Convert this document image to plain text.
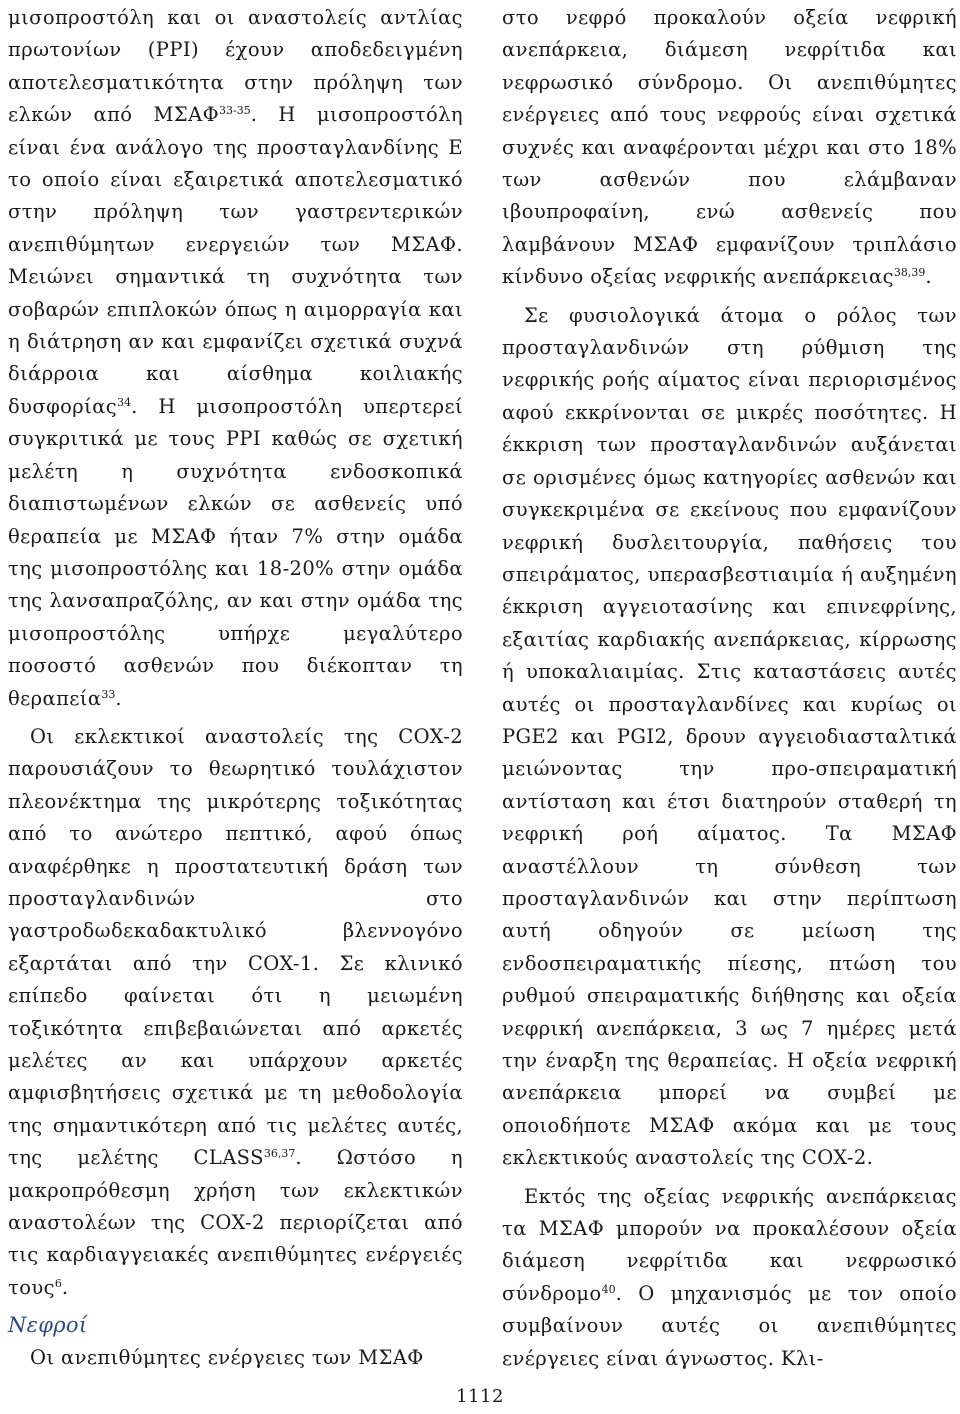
μισοπροστόλη και οι αναστολείς αντλίας πρωτονίων (PPI) έχουν αποδεδειγμένη αποτελεσματικότητα στην πρόληψη των ελκών από ΜΣΑΦ$^{33-35}$. Η μισοπροστόλη είναι ένα ανάλογο της προσταγλανδίνης E το οποίο είναι εξαιρετικά αποτελεσματικό στην πρόληψη των γαστρεντερικών ανεπιθύμητων ενεργειών των ΜΣΑΦ. Μειώνει σημαντικά τη συχνότητα των σοβαρών επιπλοκών όπως η αιμορραγία και η διάτρηση αν και εμφανίζει σχετικά συχνά διάρροια και αίσθημα κοιλιακής δυσφορίας$^{34}$. Η μισοπροστόλη υπερτερεί συγκριτικά με τους PPI καθώς σε σχετική μελέτη η συχνότητα ενδοσκοπικά διαπιστωμένων ελκών σε ασθενείς υπό θεραπεία με ΜΣΑΦ ήταν 7% στην ομάδα της μισοπροστόλης και 18-20% στην ομάδα της λανσαπραζόλης, αν και στην ομάδα της μισοπροστόλης υπήρχε μεγαλύτερο ποσοστό ασθενών που διέκοπταν τη θεραπεία$^{33}$.

Οι εκλεκτικοί αναστολείς της COX-2 παρουσιάζουν το θεωρητικό τουλάχιστον πλεονέκτημα της μικρότερης τοξικότητας από το ανώτερο πεπτικό, αφού όπως αναφέρθηκε η προστατευτική δράση των προσταγλανδινών στο γαστροδωδεκαδακτυλικό βλεννογόνο εξαρτάται από την COX-1. Σε κλινικό επίπεδο φαίνεται ότι η μειωμένη τοξικότητα επιβεβαιώνεται από αρκετές μελέτες αν και υπάρχουν αρκετές αμφισβητήσεις σχετικά με τη μεθοδολογία της σημαντικότερη από τις μελέτες αυτές, της μελέτης CLASS$^{36,37}$. Ωστόσο η μακροπρόθεσμη χρήση των εκλεκτικών αναστολέων της COX-2 περιορίζεται από τις καρδιαγγειακές ανεπιθύμητες ενέργειές τους$^6$.

Νεφροί

Οι ανεπιθύμητες ενέργειες των ΜΣΑΦ

στο νεφρό προκαλούν οξεία νεφρική ανεπάρκεια, διάμεση νεφρίτιδα και νεφρωσικό σύνδρομο. Οι ανεπιθύμητες ενέργειες από τους νεφρούς είναι σχετικά συχνές και αναφέρονται μέχρι και στο 18% των ασθενών που ελάμβαναν ιβουπροφαίνη, ενώ ασθενείς που λαμβάνουν ΜΣΑΦ εμφανίζουν τριπλάσιο κίνδυνο οξείας νεφρικής ανεπάρκειας$^{38,39}$.

Σε φυσιολογικά άτομα ο ρόλος των προσταγλανδινών στη ρύθμιση της νεφρικής ροής αίματος είναι περιορισμένος αφού εκκρίνονται σε μικρές ποσότητες. Η έκκριση των προσταγλανδινών αυξάνεται σε ορισμένες όμως κατηγορίες ασθενών και συγκεκριμένα σε εκείνους που εμφανίζουν νεφρική δυσλειτουργία, παθήσεις του σπειράματος, υπερασβεστιαιμία ή αυξημένη έκκριση αγγειοτασίνης και επινεφρίνης, εξαιτίας καρδιακής ανεπάρκειας, κίρρωσης ή υποκαλιαιμίας. Στις καταστάσεις αυτές αυτές οι προσταγλανδίνες και κυρίως οι PGE2 και PGI2, δρουν αγγειοδιασταλτικά μειώνοντας την προ-σπειραματική αντίσταση και έτσι διατηρούν σταθερή τη νεφρική ροή αίματος. Τα ΜΣΑΦ αναστέλλουν τη σύνθεση των προσταγλανδινών και στην περίπτωση αυτή οδηγούν σε μείωση της ενδοσπειραματικής πίεσης, πτώση του ρυθμού σπειραματικής διήθησης και οξεία νεφρική ανεπάρκεια, 3 ως 7 ημέρες μετά την έναρξη της θεραπείας. Η οξεία νεφρική ανεπάρκεια μπορεί να συμβεί με οποιοδήποτε ΜΣΑΦ ακόμα και με τους εκλεκτικούς αναστολείς της COX-2.

Εκτός της οξείας νεφρικής ανεπάρκειας τα ΜΣΑΦ μπορούν να προκαλέσουν οξεία διάμεση νεφρίτιδα και νεφρωσικό σύνδρομο$^{40}$. Ο μηχανισμός με τον οποίο συμβαίνουν αυτές οι ανεπιθύμητες ενέργειες είναι άγνωστος. Κλι-

1112
